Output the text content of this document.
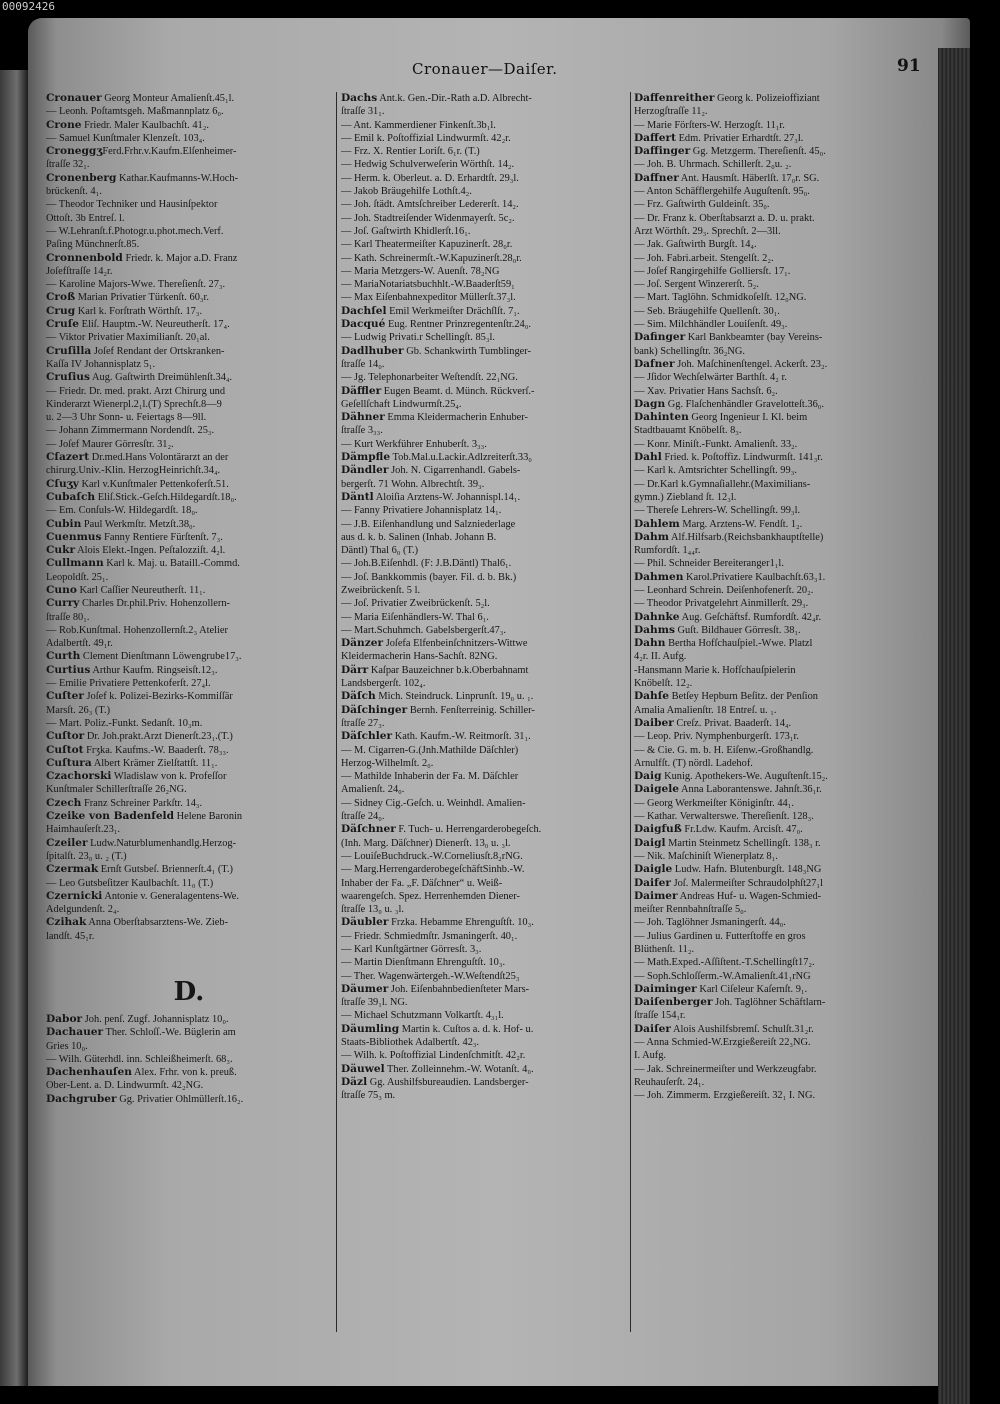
00092426
Cronauer—Daiſer.	91
Cronauer Georg Monteur Amalienſt.45₁l.
— Leonh. Poſtamtsgeh. Maßmannplatz 6₀.
Crone Friedr. Maler Kaulbachſt. 41₂.
— Samuel Kunſtmaler Klenzeſt. 103₄.
CroneggʒFerd.Frhr.v.Kaufm.Elſenheimer-
ſtraſſe 32₁.
Cronenberg Kathar.Kaufmanns-W.Hoch-
brückenſt. 4₁.
— Theodor Techniker und Hausinſpektor
Ottoſt. 3b Entreſ. l.
— W.Lehranſt.f.Photogr.u.phot.mech.Verf.
Paſing Münchnerſt.85.
Cronnenbold Friedr. k. Major a.D. Franz
Joſefſtraſſe 14₂r.
— Karoline Majors-Wwe. Thereſienſt. 27₃.
Croß Marian Privatier Türkenſt. 60₃r.
Crug Karl k. Forſtrath Wörthſt. 17₃.
Cruſe Eliſ. Hauptm.-W. Neureutherſt. 17₄.
— Viktor Privatier Maximilianſt. 20₁al.
Cruſilla Joſef Rendant der Ortskranken-
Kaſſa IV Johannisplatz 5₁.
Cruſius Aug. Gaſtwirth Dreimühlenſt.34₄.
— Friedr. Dr. med. prakt. Arzt Chirurg und
Kinderarzt Wienerpl.2₁l.(T) Sprechſt.8—9
u. 2—3 Uhr Sonn- u. Feiertags 8—9ll.
— Johann Zimmermann Nordendſt. 25₃.
— Joſef Maurer Görresſtr. 31₂.
Cſazert Dr.med.Hans Volontärarzt an der
chirurg.Univ.-Klin. HerzogHeinrichſt.34₄.
Cſuʒy Karl v.Kunſtmaler Pettenkoferſt.51.
Cubaſch Eliſ.Stick.-Geſch.Hildegardſt.18₀.
— Em. Conſuls-W. Hildegardſt. 18₀.
Cubin Paul Werkmſtr. Metzſt.38₀.
Cuenmus Fanny Rentiere Fürſtenſt. 7₃.
Cukr Alois Elekt.-Ingen. Peſtalozziſt. 4₂l.
Cullmann Karl k. Maj. u. Bataill.-Commd.
Leopoldſt. 25₁.
Cuno Karl Caſſier Neureutherſt. 11₁.
Curry Charles Dr.phil.Priv. Hohenzollern-
ſtraſſe 80₁.
— Rob.Kunſtmal. Hohenzollernſt.2₃ Atelier
Adalbertſt. 49₁r.
Curth Clement Dienſtmann Löwengrube17₃.
Curtius Arthur Kaufm. Ringseisſt.12₃.
— Emilie Privatiere Pettenkoferſt. 27₄l.
Cuſter Joſef k. Polizei-Bezirks-Kommiſſär
Marsſt. 26₃ (T.)
— Mart. Poliz.-Funkt. Sedanſt. 10₃m.
Cuſtor Dr. Joh.prakt.Arzt Dienerſt.23₁.(T.)
Cuſtot Frʒka. Kaufms.-W. Baaderſt. 78₃₃.
Cuſtura Albert Krämer Zielſtattſt. 11₁.
Czachorski Wladislaw von k. Profeſſor
Kunſtmaler Schillerſtraſſe 26₂NG.
Czech Franz Schreiner Parkſtr. 14₃.
Czeike von Badenfeld Helene Baronin
Haimhauſerſt.23₁.
Czeiler Ludw.Naturblumenhandlg.Herzog-
ſpitalſt. 23₀ u. ₂ (T.)
Czermak Ernſt Gutsbeſ. Briennerſt.4₁ (T.)
— Leo Gutsbeſitzer Kaulbachſt. 11₀ (T.)
Czernicki Antonie v. Generalagentens-We.
Adelgundenſt. 2₄.
Czihak Anna Oberſtabsarztens-We. Zieb-
landſt. 45₁r.
D.
Dabor Joh. penſ. Zugf. Johannisplatz 10₀.
Dachauer Ther. Schloſſ.-We. Büglerin am
Gries 10₀.
— Wilh. Güterhdl. inn. Schleißheimerſt. 68₃.
Dachenhauſen Alex. Frhr. von k. preuß.
Ober-Lent. a. D. Lindwurmſt. 42₂NG.
Dachgruber Gg. Privatier Ohlmüllerſt.16₂.
Dachs Ant.k. Gen.-Dir.-Rath a.D. Albrecht-
ſtraſſe 31₁.
— Ant. Kammerdiener Finkenſt.3b₁l.
— Emil k. Poſtoffizial Lindwurmſt. 42₂r.
— Frz. X. Rentier Loriſt. 6₁r. (T.)
— Hedwig Schulverweſerin Wörthſt. 14₂.
— Herm. k. Oberleut. a. D. Erhardtſt. 29₃l.
— Jakob Bräugehilfe Lothſt.4₂.
— Joh. ſtädt. Amtsſchreiber Ledererſt. 14₂.
— Joh. Stadtreiſender Widenmayerſt. 5c₂.
— Joſ. Gaſtwirth Khidlerſt.16₁.
— Karl Theatermeiſter Kapuzinerſt. 28₀r.
— Kath. Schreinermſt.-W.Kapuzinerſt.28₀r.
— Maria Metzgers-W. Auenſt. 78₂NG
— MariaNotariatsbuchhlt.-W.Baaderſt59₁
— Max Eiſenbahnexpeditor Müllerſt.37₃l.
Dachſel Emil Werkmeiſter Drächſlſt. 7₁.
Dacqué Eug. Rentner Prinzregentenſtr.24₀.
— Ludwig Privati.r Schellingſt. 85₃l.
Dadlhuber Gb. Schankwirth Tumblinger-
ſtraſſe 14₀.
— Jg. Telephonarbeiter Weſtendſt. 22₁NG.
Däffler Eugen Beamt. d. Münch. Rückverſ.-
Geſellſchaft Lindwurmſt.25₄.
Dähner Emma Kleidermacherin Enhuber-
ſtraſſe 3₃₃.
— Kurt Werkführer Enhuberſt. 3₃₃.
Dämpfle Tob.Mal.u.Lackir.Adlzreiterſt.33₀
Dändler Joh. N. Cigarrenhandl. Gabels-
bergerſt. 71 Wohn. Albrechtſt. 39₃.
Däntl Aloiſia Arztens-W. Johannispl.14₁.
— Fanny Privatiere Johannisplatz 14₁.
— J.B. Eiſenhandlung und Salzniederlage
aus d. k. b. Salinen (Inhab. Johann B.
Däntl) Thal 6₀ (T.)
— Joh.B.Eiſenhdl. (F: J.B.Däntl) Thal6₁.
— Joſ. Bankkommis (bayer. Fil. d. b. Bk.)
Zweibrückenſt. 5 l.
— Joſ. Privatier Zweibrückenſt. 5₂l.
— Maria Eiſenhändlers-W. Thal 6₁.
— Mart.Schuhmch. Gabelsbergerſt.47₃.
Dänzer Joſefa Elfenbeinſchnitzers-Wittwe
Kleidermacherin Hans-Sachſt. 82NG.
Därr Kaſpar Bauzeichner b.k.Oberbahnamt
Landsbergerſt. 102₄.
Däſch Mich. Steindruck. Linprunſt. 19₀ u. ₁.
Däſchinger Bernh. Fenſterreinig. Schiller-
ſtraſſe 27₃.
Däſchler Kath. Kaufm.-W. Reitmorſt. 31₁.
— M. Cigarren-G.(Jnh.Mathilde Däſchler)
Herzog-Wilhelmſt. 2₀.
— Mathilde Inhaberin der Fa. M. Däſchler
Amalienſt. 24₀.
— Sidney Cig.-Geſch. u. Weinhdl. Amalien-
ſtraſſe 24₀.
Däſchner F. Tuch- u. Herrengarderobegeſch.
(Inh. Marg. Däſchner) Dienerſt. 13₀ u. ₃l.
— LouiſeBuchdruck.-W.Corneliusſt.8₂rNG.
— Marg.HerrengarderobegeſchäftSinhb.-W.
Inhaber der Fa. „F. Däſchner“ u. Weiß-
waarengeſch. Spez. Herrenhemden Diener-
ſtraſſe 13₀ u. ₃l.
Däubler Frzka. Hebamme Ehrenguſtſt. 10₃.
— Friedr. Schmiedmſtr. Jsmaningerſt. 40₁.
— Karl Kunſtgärtner Görresſt. 3₃.
— Martin Dienſtmann Ehrenguſtſt. 10₃.
— Ther. Wagenwärtergeh.-W.Weſtendſt25₃
Däumer Joh. Eiſenbahnbedienſteter Mars-
ſtraſſe 39₁l. NG.
— Michael Schutzmann Volkartſt. 4₃₁l.
Däumling Martin k. Cuſtos a. d. k. Hof- u.
Staats-Bibliothek Adalbertſt. 42₃.
— Wilh. k. Poſtoffizial Lindenſchmitſt. 42₂r.
Däuwel Ther. Zolleinnehm.-W. Wotanſt. 4₀.
Däzl Gg. Aushilfsbureaudien. Landsberger-
ſtraſſe 75₃ m.
Daffenreither Georg k. Polizeioffiziant
Herzogſtraſſe 11₂.
— Marie Förſters-W. Herzogſt. 11₁r.
Daffert Edm. Privatier Erhardtſt. 27₃l.
Daffinger Gg. Metzgerm. Thereſienſt. 45₀.
— Joh. B. Uhrmach. Schillerſt. 2₀u. ₂.
Daffner Ant. Hausmſt. Häberlſt. 17₀r. SG.
— Anton Schäfflergehilfe Auguſtenſt. 95₀.
— Frz. Gaſtwirth Guldeinſt. 35₀.
— Dr. Franz k. Oberſtabsarzt a. D. u. prakt.
Arzt Wörthſt. 29₃. Sprechſt. 2—3ll.
— Jak. Gaſtwirth Burgſt. 14₄.
— Joh. Fabri.arbeit. Stengelſt. 2₂.
— Joſef Rangirgehilfe Golliersſt. 17₁.
— Joſ. Sergent Winzererſt. 5₂.
— Mart. Taglöhn. Schmidkoſelſt. 12₀NG.
— Seb. Bräugehilfe Quellenſt. 30₁.
— Sim. Milchhändler Louiſenſt. 49₃.
Dafinger Karl Bankbeamter (bay Vereins-
bank) Schellingſtr. 36₂NG.
Dafner Joh. Maſchinenſtengel. Ackerſt. 23₂.
— Jſidor Wechſelwärter Barthſt. 4₂ r.
— Xav. Privatier Hans Sachsſt. 6₂.
Dagn Gg. Flaſchenhändler Gravelotteſt.36₀.
Dahinten Georg Ingenieur I. Kl. beim
Stadtbauamt Knöbelſt. 8₃.
— Konr. Miniſt.-Funkt. Amalienſt. 33₂.
Dahl Fried. k. Poſtoffiz. Lindwurmſt. 141₃r.
— Karl k. Amtsrichter Schellingſt. 99₃.
— Dr.Karl k.Gymnaſiallehr.(Maximilians-
gymn.) Ziebland ſt. 12₃l.
— Thereſe Lehrers-W. Schellingſt. 99₃l.
Dahlem Marg. Arztens-W. Fendſt. 1₂.
Dahm Alf.Hilfsarb.(Reichsbankhauptſtelle)
Rumfordſt. 1₄₄r.
— Phil. Schneider Bereiteranger1₁l.
Dahmen Karol.Privatiere Kaulbachſt.63₃1.
— Leonhard Schrein. Deiſenhofenerſt. 20₂.
— Theodor Privatgelehrt Ainmillerſt. 29₃.
Dahnke Aug. Geſchäftsf. Rumfordſt. 42₄r.
Dahms Guſt. Bildhauer Görresſt. 38₁.
Dahn Bertha Hofſchauſpiel.-Wwe. Platzl
4₂r. II. Aufg.
-Hansmann Marie k. Hofſchauſpielerin
Knöbelſt. 12₂.
Dahſe Betſey Hepburn Beſitz. der Penſion
Amalia Amalienſtr. 18 Entreſ. u. ₁.
Daiber Creſz. Privat. Baaderſt. 14₄.
— Leop. Priv. Nymphenburgerſt. 173₁r.
— & Cie. G. m. b. H. Eiſenw.-Großhandlg.
Arnulfſt. (T) nördl. Ladehof.
Daig Kunig. Apothekers-We. Auguſtenſt.15₂.
Daigele Anna Laborantenswe. Jahnſt.36₁r.
— Georg Werkmeiſter Königinſtr. 44₁.
— Kathar. Verwalterswe. Thereſienſt. 128₃.
Daigfuß Fr.Ldw. Kaufm. Arcisſt. 47₀.
Daigl Martin Steinmetz Schellingſt. 138₃ r.
— Nik. Maſchiniſt Wienerplatz 8₁.
Daigle Ludw. Hafn. Blutenburgſt. 148₃NG
Daifer Joſ. Malermeiſter Schraudolphſt27₁l
Daimer Andreas Huf- u. Wagen-Schmied-
meiſter Rennbahnſtraſſe 5₀.
— Joh. Taglöhner Jsmaningerſt. 44₀.
— Julius Gardinen u. Futterſtoffe en gros
Blüthenſt. 11₂.
— Math.Exped.-Aſſiſtent.-T.Schellingſt17₂.
— Soph.Schloſſerm.-W.Amalienſt.41₁rNG
Daiminger Karl Ciſeleur Kaſernſt. 9₁.
Daiſenberger Joh. Taglöhner Schäftlarn-
ſtraſſe 154₁r.
Daiſer Alois Aushilfsbremſ. Schulſt.31₂r.
— Anna Schmied-W.Erzgießereiſt 22₃NG.
I. Aufg.
— Jak. Schreinermeiſter und Werkzeugfabr.
Reuhauſerſt. 24₁.
— Joh. Zimmerm. Erzgießereiſt. 32₁ I. NG.
